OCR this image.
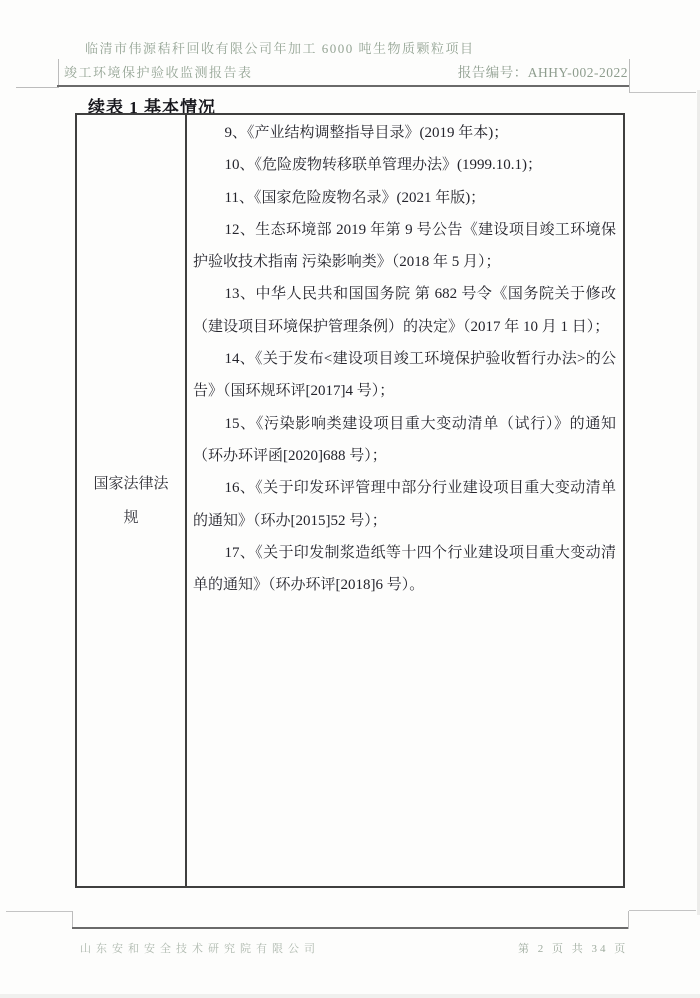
临清市伟源秸秆回收有限公司年加工 6000 吨生物质颗粒项目
竣工环境保护验收监测报告表	报告编号：AHHY-002-2022
续表 1 基本情况
国家法律法规

9、《产业结构调整指导目录》(2019 年本)；

10、《危险废物转移联单管理办法》(1999.10.1)；

11、《国家危险废物名录》(2021 年版)；

12、生态环境部 2019 年第 9 号公告《建设项目竣工环境保护验收技术指南 污染影响类》（2018 年 5 月）；

13、中华人民共和国国务院 第 682 号令《国务院关于修改（建设项目环境保护管理条例）的决定》（2017 年 10 月 1 日）；

14、《关于发布<建设项目竣工环境保护验收暂行办法>的公告》（国环规环评[2017]4 号）；

15、《污染影响类建设项目重大变动清单（试行）》的通知（环办环评函[2020]688 号）；

16、《关于印发环评管理中部分行业建设项目重大变动清单的通知》（环办[2015]52 号）；

17、《关于印发制浆造纸等十四个行业建设项目重大变动清单的通知》（环办环评[2018]6 号）。

山东安和安全技术研究院有限公司	第 2 页 共 34 页
